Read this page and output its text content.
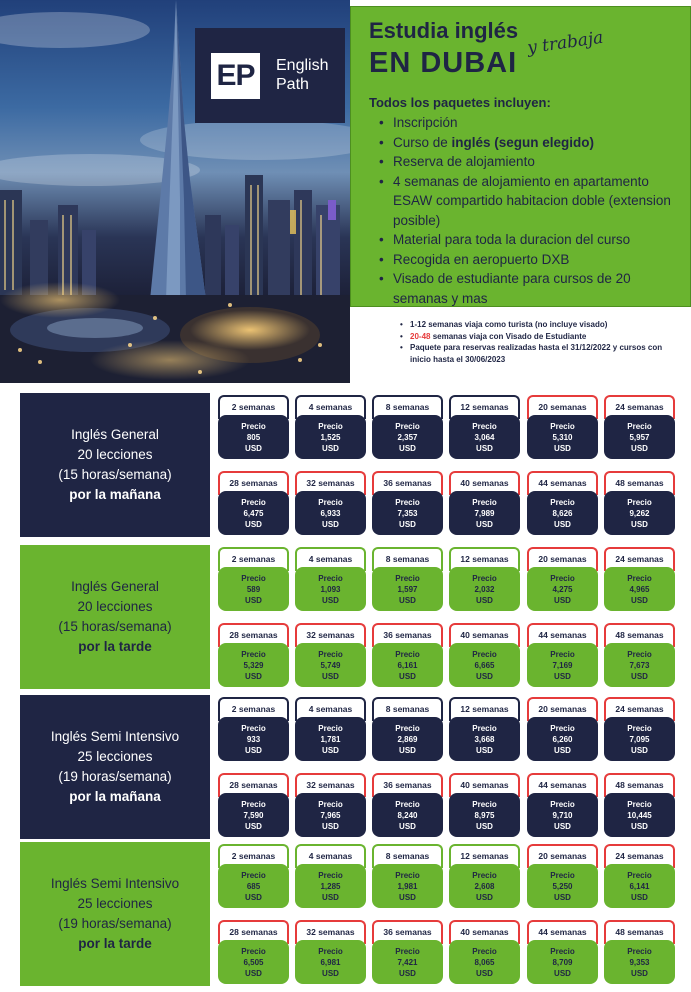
EP	English
Path
Estudia inglés y trabaja
EN DUBAI
Todos los paquetes incluyen:
• Inscripción
• Curso de inglés (segun elegido)
• Reserva de alojamiento
• 4 semanas de alojamiento en apartamento ESAW compartido habitacion doble (extension posible)
• Material para toda la duracion del curso
• Recogida en aeropuerto DXB
• Visado de estudiante para cursos de 20 semanas y mas
• 1-12 semanas viaja como turista (no incluye visado)
• 20-48 semanas viaja con Visado de Estudiante
• Paquete para reservas realizadas hasta el 31/12/2022 y cursos con inicio hasta el 30/06/2023
Inglés General
20 lecciones
(15 horas/semana)
por la mañana
2 semanas
Precio
805
USD
4 semanas
Precio
1,525
USD
8 semanas
Precio
2,357
USD
12 semanas
Precio
3,064
USD
20 semanas
Precio
5,310
USD
24 semanas
Precio
5,957
USD
28 semanas
Precio
6,475
USD
32 semanas
Precio
6,933
USD
36 semanas
Precio
7,353
USD
40 semanas
Precio
7,989
USD
44 semanas
Precio
8,626
USD
48 semanas
Precio
9,262
USD
Inglés General
20 lecciones
(15 horas/semana)
por la tarde
2 semanas
Precio
589
USD
4 semanas
Precio
1,093
USD
8 semanas
Precio
1,597
USD
12 semanas
Precio
2,032
USD
20 semanas
Precio
4,275
USD
24 semanas
Precio
4,965
USD
28 semanas
Precio
5,329
USD
32 semanas
Precio
5,749
USD
36 semanas
Precio
6,161
USD
40 semanas
Precio
6,665
USD
44 semanas
Precio
7,169
USD
48 semanas
Precio
7,673
USD
Inglés Semi Intensivo
25 lecciones
(19 horas/semana)
por la mañana
2 semanas
Precio
933
USD
4 semanas
Precio
1,781
USD
8 semanas
Precio
2,869
USD
12 semanas
Precio
3,668
USD
20 semanas
Precio
6,260
USD
24 semanas
Precio
7,095
USD
28 semanas
Precio
7,590
USD
32 semanas
Precio
7,965
USD
36 semanas
Precio
8,240
USD
40 semanas
Precio
8,975
USD
44 semanas
Precio
9,710
USD
48 semanas
Precio
10,445
USD
Inglés Semi Intensivo
25 lecciones
(19 horas/semana)
por la tarde
2 semanas
Precio
685
USD
4 semanas
Precio
1,285
USD
8 semanas
Precio
1,981
USD
12 semanas
Precio
2,608
USD
20 semanas
Precio
5,250
USD
24 semanas
Precio
6,141
USD
28 semanas
Precio
6,505
USD
32 semanas
Precio
6,981
USD
36 semanas
Precio
7,421
USD
40 semanas
Precio
8,065
USD
44 semanas
Precio
8,709
USD
48 semanas
Precio
9,353
USD
